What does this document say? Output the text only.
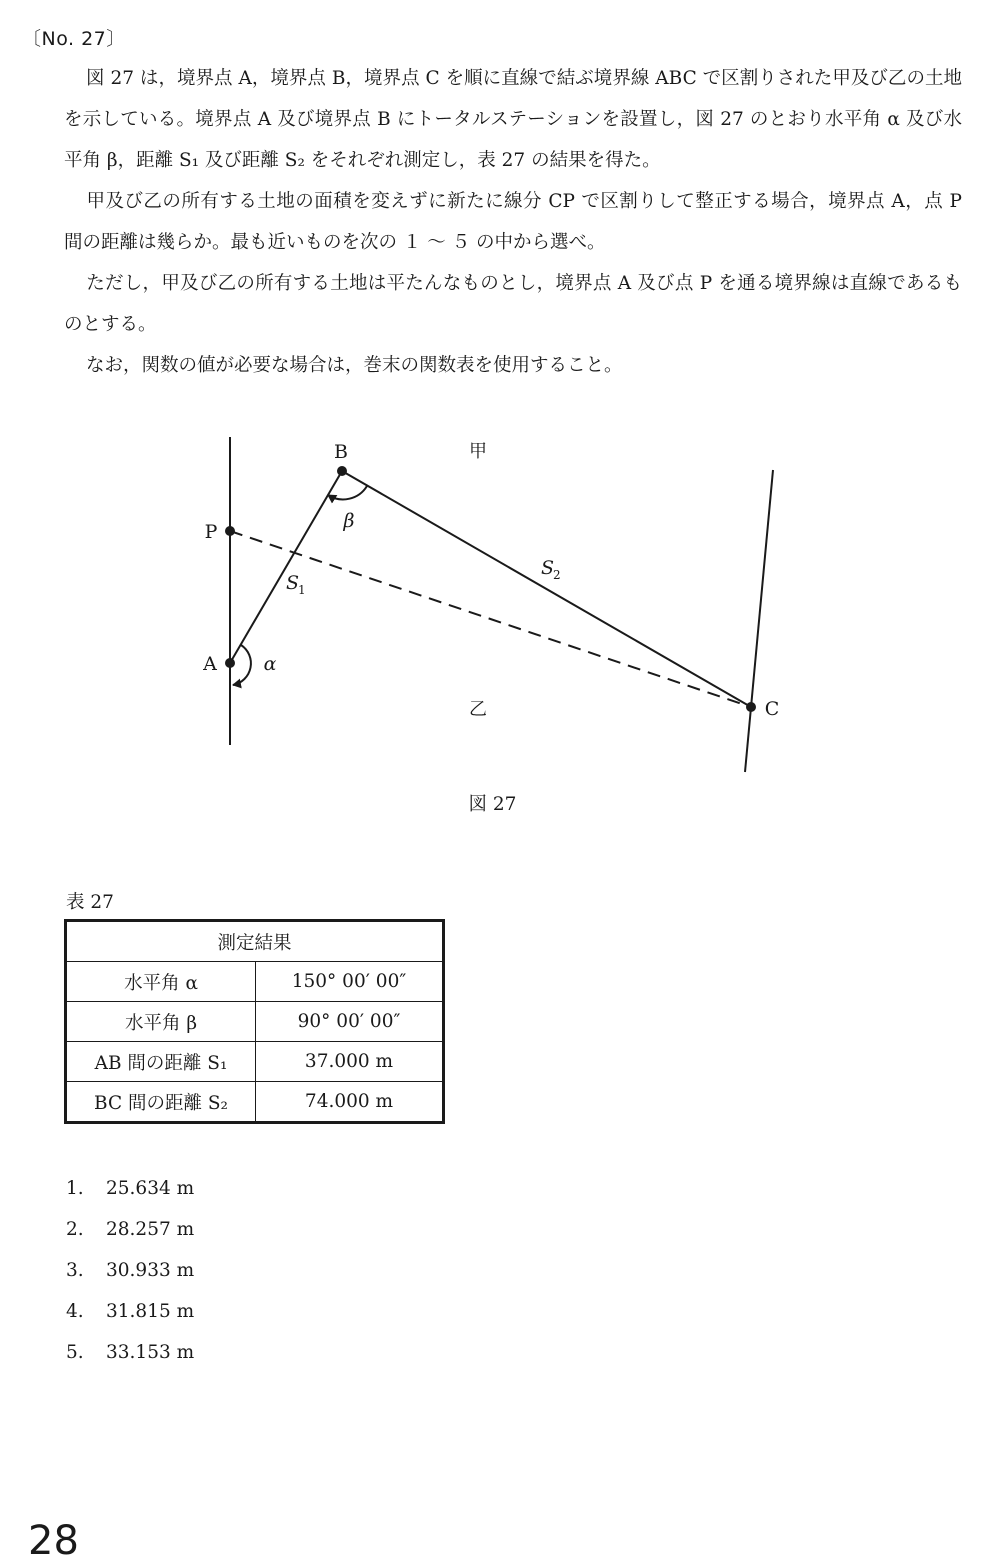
〔No. 27〕
図 27 は，境界点 A，境界点 B，境界点 C を順に直線で結ぶ境界線 ABC で区割りされた甲及び乙の土地を示している。境界点 A 及び境界点 B にトータルステーションを設置し，図 27 のとおり水平角 α 及び水平角 β，距離 S₁ 及び距離 S₂ をそれぞれ測定し，表 27 の結果を得た。
甲及び乙の所有する土地の面積を変えずに新たに線分 CP で区割りして整正する場合，境界点 A，点 P 間の距離は幾らか。最も近いものを次の １ ～ ５ の中から選べ。
ただし，甲及び乙の所有する土地は平たんなものとし，境界点 A 及び点 P を通る境界線は直線であるものとする。
なお，関数の値が必要な場合は，巻末の関数表を使用すること。
B
P
A
C
甲
乙
α
β
S
1
S
2
図 27
表 27
測定結果	
水平角 α	150° 00′ 00″
水平角 β	90° 00′ 00″
AB 間の距離 S₁	37.000 m
BC 間の距離 S₂	74.000 m
1. 25.634 m
2. 28.257 m
3. 30.933 m
4. 31.815 m
5. 33.153 m
28
